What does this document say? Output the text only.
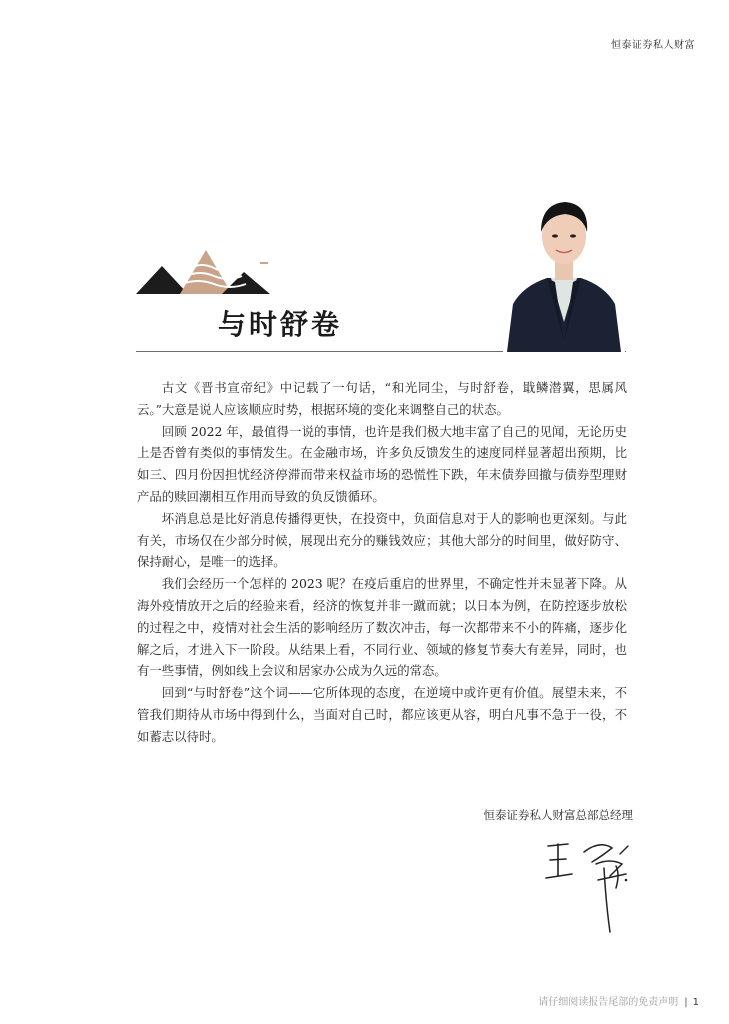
恒泰证券私人财富
与时舒卷

古文《晋书宣帝纪》中记载了一句话，“和光同尘，与时舒卷，戢鳞潜翼，思属风云。”大意是说人应该顺应时势，根据环境的变化来调整自己的状态。

回顾 2022 年，最值得一说的事情，也许是我们极大地丰富了自己的见闻，无论历史上是否曾有类似的事情发生。在金融市场，许多负反馈发生的速度同样显著超出预期，比如三、四月份因担忧经济停滞而带来权益市场的恐慌性下跌，年末债券回撤与债券型理财产品的赎回潮相互作用而导致的负反馈循环。

坏消息总是比好消息传播得更快，在投资中，负面信息对于人的影响也更深刻。与此有关，市场仅在少部分时候，展现出充分的赚钱效应；其他大部分的时间里，做好防守、保持耐心，是唯一的选择。

我们会经历一个怎样的 2023 呢？在疫后重启的世界里，不确定性并未显著下降。从海外疫情放开之后的经验来看，经济的恢复并非一蹴而就；以日本为例，在防控逐步放松的过程之中，疫情对社会生活的影响经历了数次冲击，每一次都带来不小的阵痛，逐步化解之后，才进入下一阶段。从结果上看，不同行业、领域的修复节奏大有差异，同时，也有一些事情，例如线上会议和居家办公成为久远的常态。

回到“与时舒卷”这个词——它所体现的态度，在逆境中或许更有价值。展望未来，不管我们期待从市场中得到什么，当面对自己时，都应该更从容，明白凡事不急于一役，不如蓄志以待时。

恒泰证券私人财富总部总经理
请仔细阅读报告尾部的免责声明 | 1
